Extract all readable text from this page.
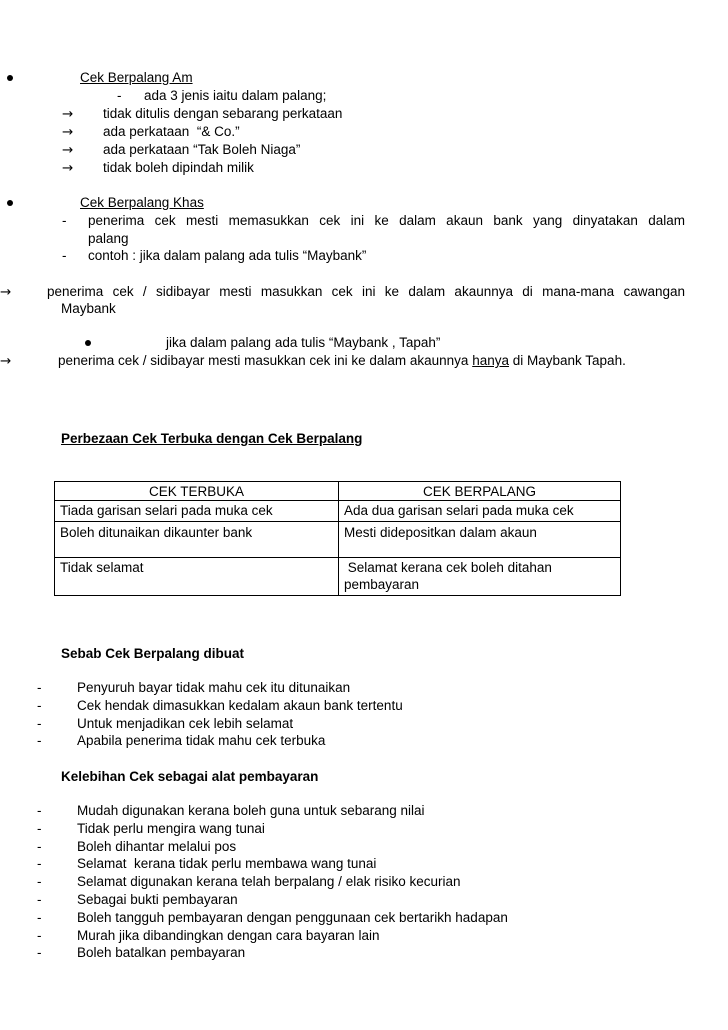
Cek Berpalang Am
-      ada 3 jenis iaitu dalam palang;
→ tidak ditulis dengan sebarang perkataan
→ ada perkataan  “& Co.”
→ ada perkataan “Tak Boleh Niaga”
→ tidak boleh dipindah milik
Cek Berpalang Khas
- penerima cek mesti memasukkan cek ini ke dalam akaun bank yang dinyatakan dalam
palang
- contoh : jika dalam palang ada tulis “Maybank”
→	penerima cek / sidibayar mesti masukkan cek ini ke dalam akaunnya di mana-mana cawangan
Maybank
jika dalam palang ada tulis “Maybank , Tapah”
→	penerima cek / sidibayar mesti masukkan cek ini ke dalam akaunnya hanya di Maybank Tapah.
Perbezaan Cek Terbuka dengan Cek Berpalang
CEK TERBUKA	CEK BERPALANG
Tiada garisan selari pada muka cek	Ada dua garisan selari pada muka cek
Boleh ditunaikan dikaunter bank	Mesti didepositkan dalam akaun
Tidak selamat	Selamat kerana cek boleh ditahan pembayaran
Sebab Cek Berpalang dibuat
-	Penyuruh bayar tidak mahu cek itu ditunaikan
-	Cek hendak dimasukkan kedalam akaun bank tertentu
-	Untuk menjadikan cek lebih selamat
-	Apabila penerima tidak mahu cek terbuka
Kelebihan Cek sebagai alat pembayaran
-	Mudah digunakan kerana boleh guna untuk sebarang nilai
-	Tidak perlu mengira wang tunai
-	Boleh dihantar melalui pos
-	Selamat  kerana tidak perlu membawa wang tunai
-	Selamat digunakan kerana telah berpalang / elak risiko kecurian
-	Sebagai bukti pembayaran
-	Boleh tangguh pembayaran dengan penggunaan cek bertarikh hadapan
-	Murah jika dibandingkan dengan cara bayaran lain
-	Boleh batalkan pembayaran
